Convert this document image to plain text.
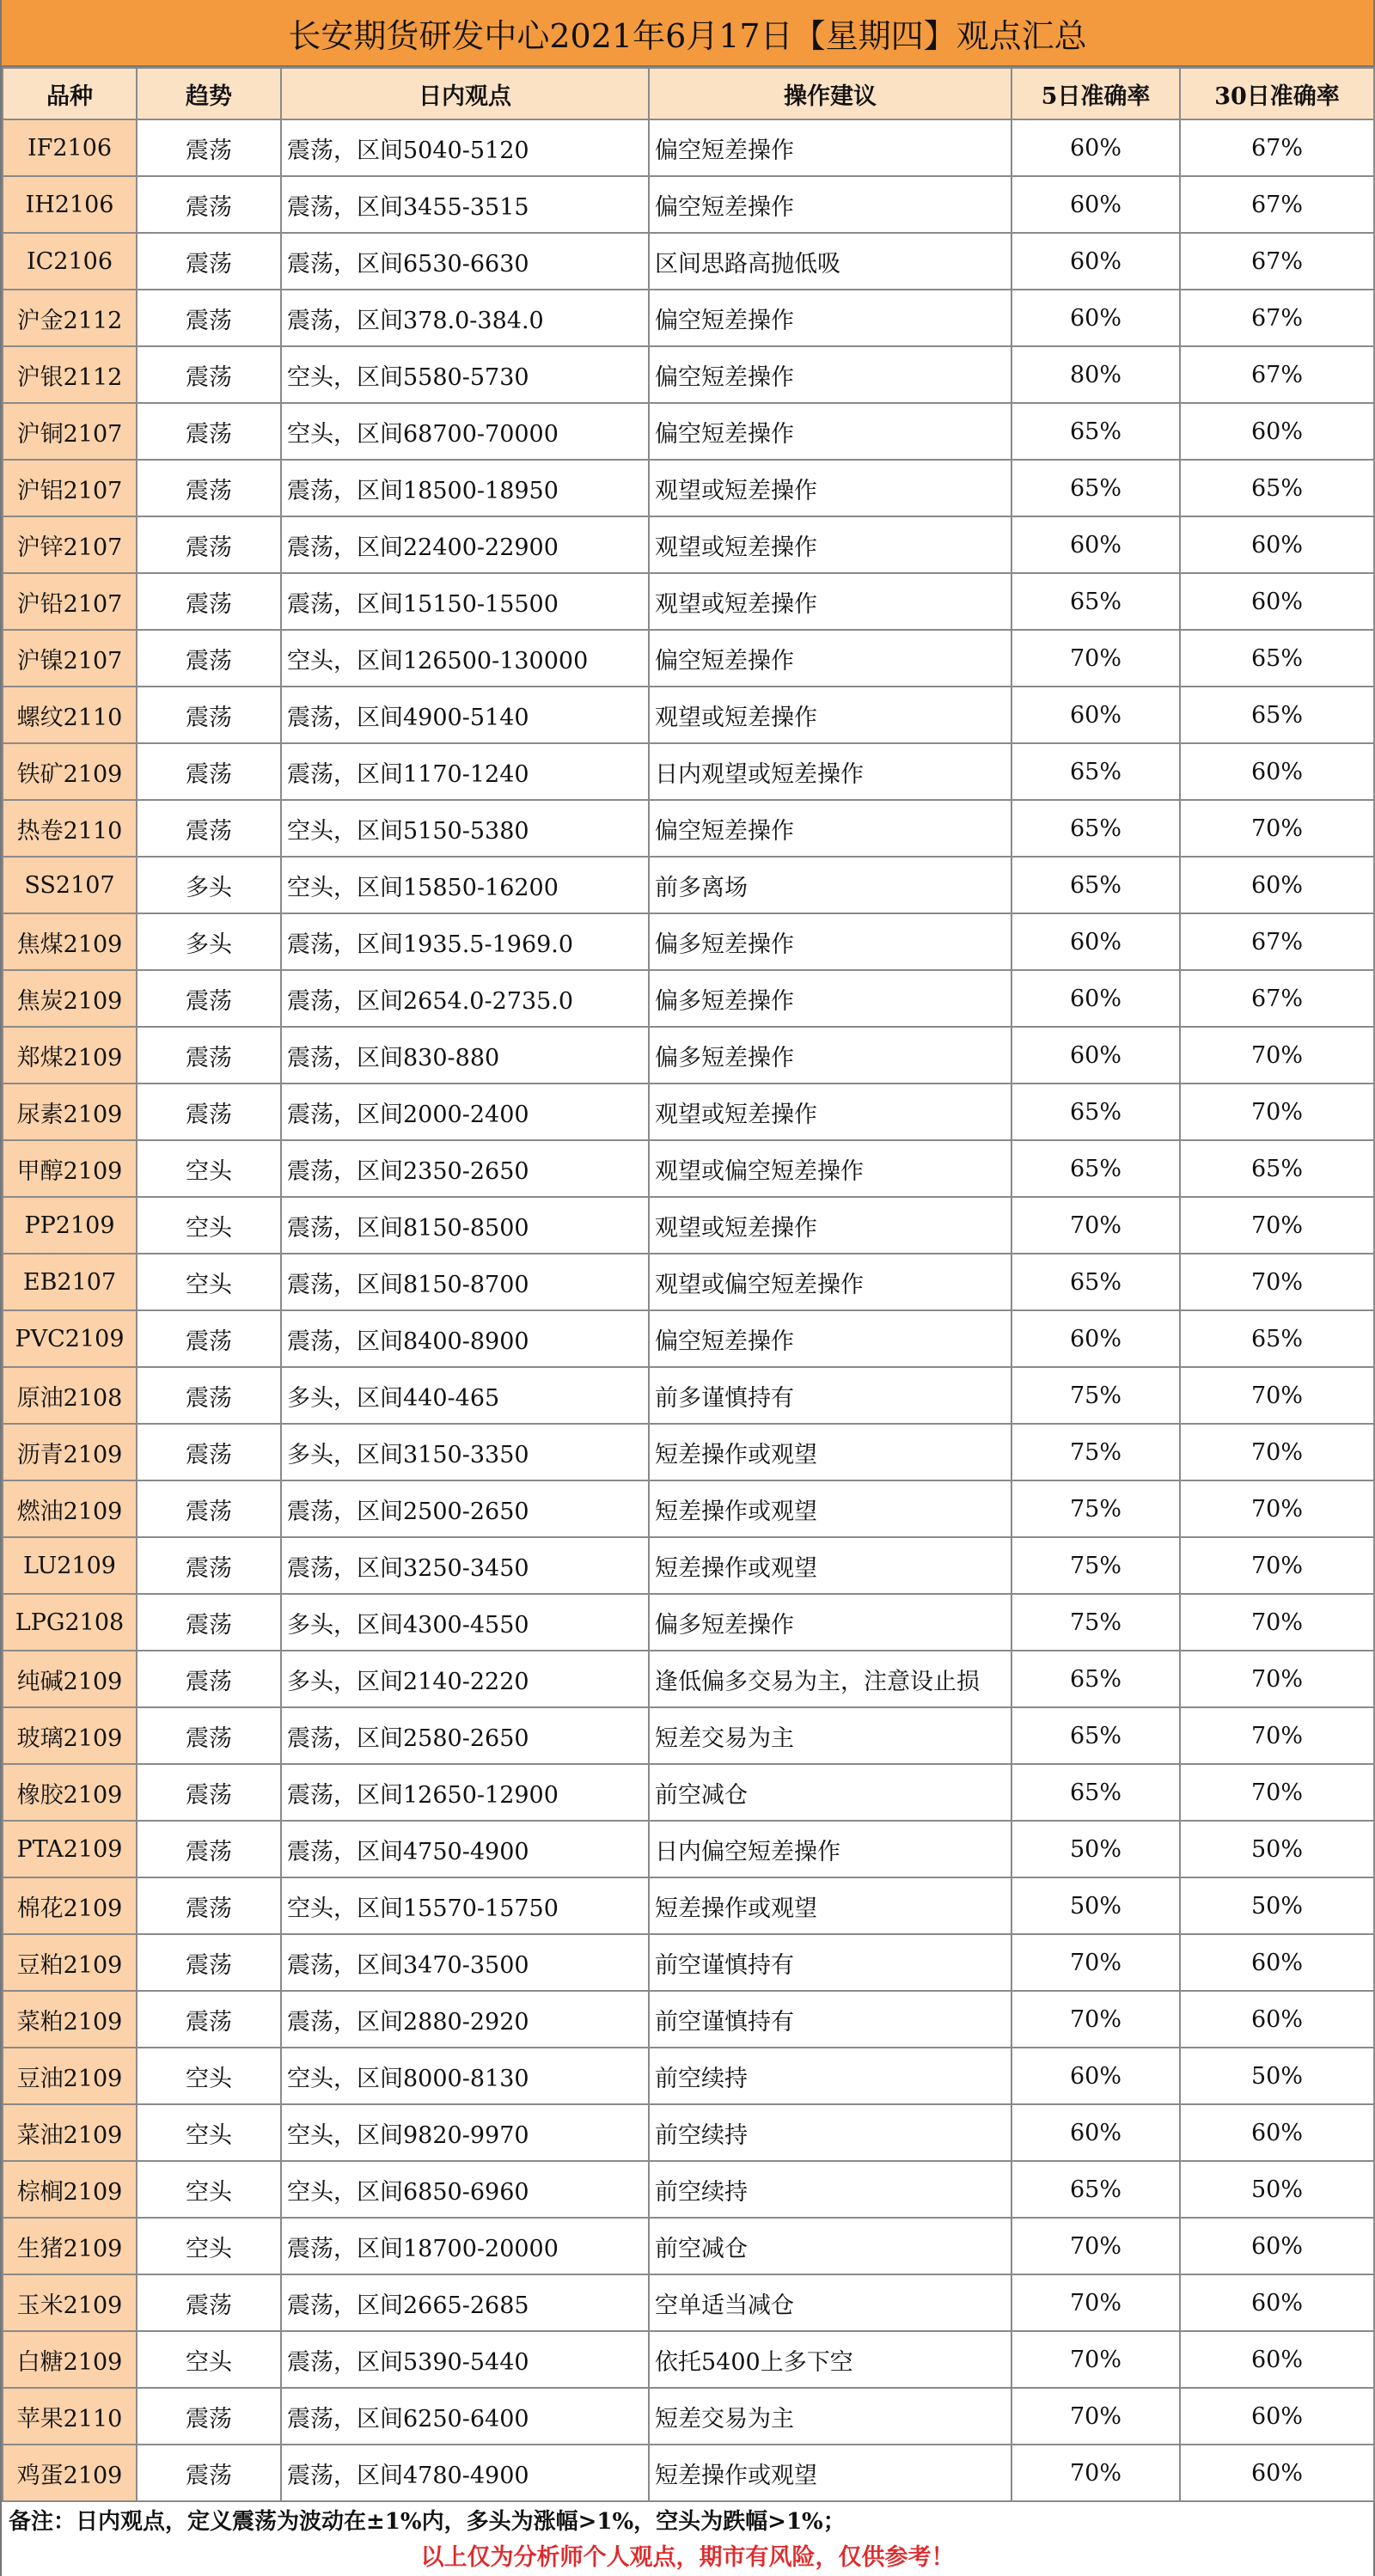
长安期货研发中心2021年6月17日【星期四】观点汇总
品种	趋势	日内观点	操作建议	5日准确率	30日准确率
IF2106	震荡	震荡，区间5040-5120	偏空短差操作	60%	67%
IH2106	震荡	震荡，区间3455-3515	偏空短差操作	60%	67%
IC2106	震荡	震荡，区间6530-6630	区间思路高抛低吸	60%	67%
沪金2112	震荡	震荡，区间378.0-384.0	偏空短差操作	60%	67%
沪银2112	震荡	空头，区间5580-5730	偏空短差操作	80%	67%
沪铜2107	震荡	空头，区间68700-70000	偏空短差操作	65%	60%
沪铝2107	震荡	震荡，区间18500-18950	观望或短差操作	65%	65%
沪锌2107	震荡	震荡，区间22400-22900	观望或短差操作	60%	60%
沪铅2107	震荡	震荡，区间15150-15500	观望或短差操作	65%	60%
沪镍2107	震荡	空头，区间126500-130000	偏空短差操作	70%	65%
螺纹2110	震荡	震荡，区间4900-5140	观望或短差操作	60%	65%
铁矿2109	震荡	震荡，区间1170-1240	日内观望或短差操作	65%	60%
热卷2110	震荡	空头，区间5150-5380	偏空短差操作	65%	70%
SS2107	多头	空头，区间15850-16200	前多离场	65%	60%
焦煤2109	多头	震荡，区间1935.5-1969.0	偏多短差操作	60%	67%
焦炭2109	震荡	震荡，区间2654.0-2735.0	偏多短差操作	60%	67%
郑煤2109	震荡	震荡，区间830-880	偏多短差操作	60%	70%
尿素2109	震荡	震荡，区间2000-2400	观望或短差操作	65%	70%
甲醇2109	空头	震荡，区间2350-2650	观望或偏空短差操作	65%	65%
PP2109	空头	震荡，区间8150-8500	观望或短差操作	70%	70%
EB2107	空头	震荡，区间8150-8700	观望或偏空短差操作	65%	70%
PVC2109	震荡	震荡，区间8400-8900	偏空短差操作	60%	65%
原油2108	震荡	多头，区间440-465	前多谨慎持有	75%	70%
沥青2109	震荡	多头，区间3150-3350	短差操作或观望	75%	70%
燃油2109	震荡	震荡，区间2500-2650	短差操作或观望	75%	70%
LU2109	震荡	震荡，区间3250-3450	短差操作或观望	75%	70%
LPG2108	震荡	多头，区间4300-4550	偏多短差操作	75%	70%
纯碱2109	震荡	多头，区间2140-2220	逢低偏多交易为主，注意设止损	65%	70%
玻璃2109	震荡	震荡，区间2580-2650	短差交易为主	65%	70%
橡胶2109	震荡	震荡，区间12650-12900	前空减仓	65%	70%
PTA2109	震荡	震荡，区间4750-4900	日内偏空短差操作	50%	50%
棉花2109	震荡	空头，区间15570-15750	短差操作或观望	50%	50%
豆粕2109	震荡	震荡，区间3470-3500	前空谨慎持有	70%	60%
菜粕2109	震荡	震荡，区间2880-2920	前空谨慎持有	70%	60%
豆油2109	空头	空头，区间8000-8130	前空续持	60%	50%
菜油2109	空头	空头，区间9820-9970	前空续持	60%	60%
棕榈2109	空头	空头，区间6850-6960	前空续持	65%	50%
生猪2109	空头	震荡，区间18700-20000	前空减仓	70%	60%
玉米2109	震荡	震荡，区间2665-2685	空单适当减仓	70%	60%
白糖2109	空头	震荡，区间5390-5440	依托5400上多下空	70%	60%
苹果2110	震荡	震荡，区间6250-6400	短差交易为主	70%	60%
鸡蛋2109	震荡	震荡，区间4780-4900	短差操作或观望	70%	60%
备注：日内观点，定义震荡为波动在±1%内，多头为涨幅>1%，空头为跌幅>1%；
以上仅为分析师个人观点，期市有风险，仅供参考！
